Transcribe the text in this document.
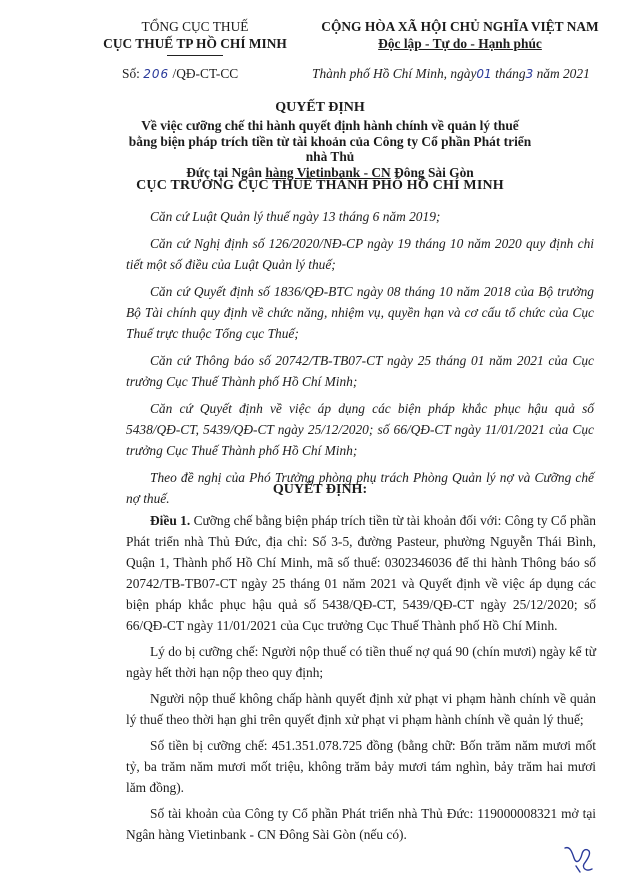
TỔNG CỤC THUẾ
CỤC THUẾ TP HỒ CHÍ MINH
CỘNG HÒA XÃ HỘI CHỦ NGHĨA VIỆT NAM
Độc lập - Tự do - Hạnh phúc
Số: 206 /QĐ-CT-CC	Thành phố Hồ Chí Minh, ngày01 tháng3 năm 2021
QUYẾT ĐỊNH
Về việc cưỡng chế thi hành quyết định hành chính về quản lý thuế
bằng biện pháp trích tiền từ tài khoản của Công ty Cổ phần Phát triển nhà Thủ
Đức tại Ngân hàng Vietinbank - CN Đông Sài Gòn
CỤC TRƯỞNG CỤC THUẾ THÀNH PHỐ HỒ CHÍ MINH

Căn cứ Luật Quản lý thuế ngày 13 tháng 6 năm 2019;

Căn cứ Nghị định số 126/2020/NĐ-CP ngày 19 tháng 10 năm 2020 quy định chi tiết một số điều của Luật Quản lý thuế;

Căn cứ Quyết định số 1836/QĐ-BTC ngày 08 tháng 10 năm 2018 của Bộ trưởng Bộ Tài chính quy định về chức năng, nhiệm vụ, quyền hạn và cơ cấu tổ chức của Cục Thuế trực thuộc Tổng cục Thuế;

Căn cứ Thông báo số 20742/TB-TB07-CT ngày 25 tháng 01 năm 2021 của Cục trưởng Cục Thuế Thành phố Hồ Chí Minh;

Căn cứ Quyết định về việc áp dụng các biện pháp khắc phục hậu quả số 5438/QĐ-CT, 5439/QĐ-CT ngày 25/12/2020; số 66/QĐ-CT ngày 11/01/2021 của Cục trưởng Cục Thuế Thành phố Hồ Chí Minh;

Theo đề nghị của Phó Trưởng phòng phụ trách Phòng Quản lý nợ và Cưỡng chế nợ thuế.

QUYẾT ĐỊNH:

Điều 1. Cưỡng chế bằng biện pháp trích tiền từ tài khoản đối với: Công ty Cổ phần Phát triển nhà Thủ Đức, địa chỉ: Số 3-5, đường Pasteur, phường Nguyễn Thái Bình, Quận 1, Thành phố Hồ Chí Minh, mã số thuế: 0302346036 để thi hành Thông báo số 20742/TB-TB07-CT ngày 25 tháng 01 năm 2021 và Quyết định về việc áp dụng các biện pháp khắc phục hậu quả số 5438/QĐ-CT, 5439/QĐ-CT ngày 25/12/2020; số 66/QĐ-CT ngày 11/01/2021 của Cục trưởng Cục Thuế Thành phố Hồ Chí Minh.

Lý do bị cưỡng chế: Người nộp thuế có tiền thuế nợ quá 90 (chín mươi) ngày kể từ ngày hết thời hạn nộp theo quy định;

Người nộp thuế không chấp hành quyết định xử phạt vi phạm hành chính về quản lý thuế theo thời hạn ghi trên quyết định xử phạt vi phạm hành chính về quản lý thuế;

Số tiền bị cưỡng chế: 451.351.078.725 đồng (bằng chữ: Bốn trăm năm mươi mốt tỷ, ba trăm năm mươi mốt triệu, không trăm bảy mươi tám nghìn, bảy trăm hai mươi lăm đồng).

Số tài khoản của Công ty Cổ phần Phát triển nhà Thủ Đức: 119000008321 mở tại Ngân hàng Vietinbank - CN Đông Sài Gòn (nếu có).
